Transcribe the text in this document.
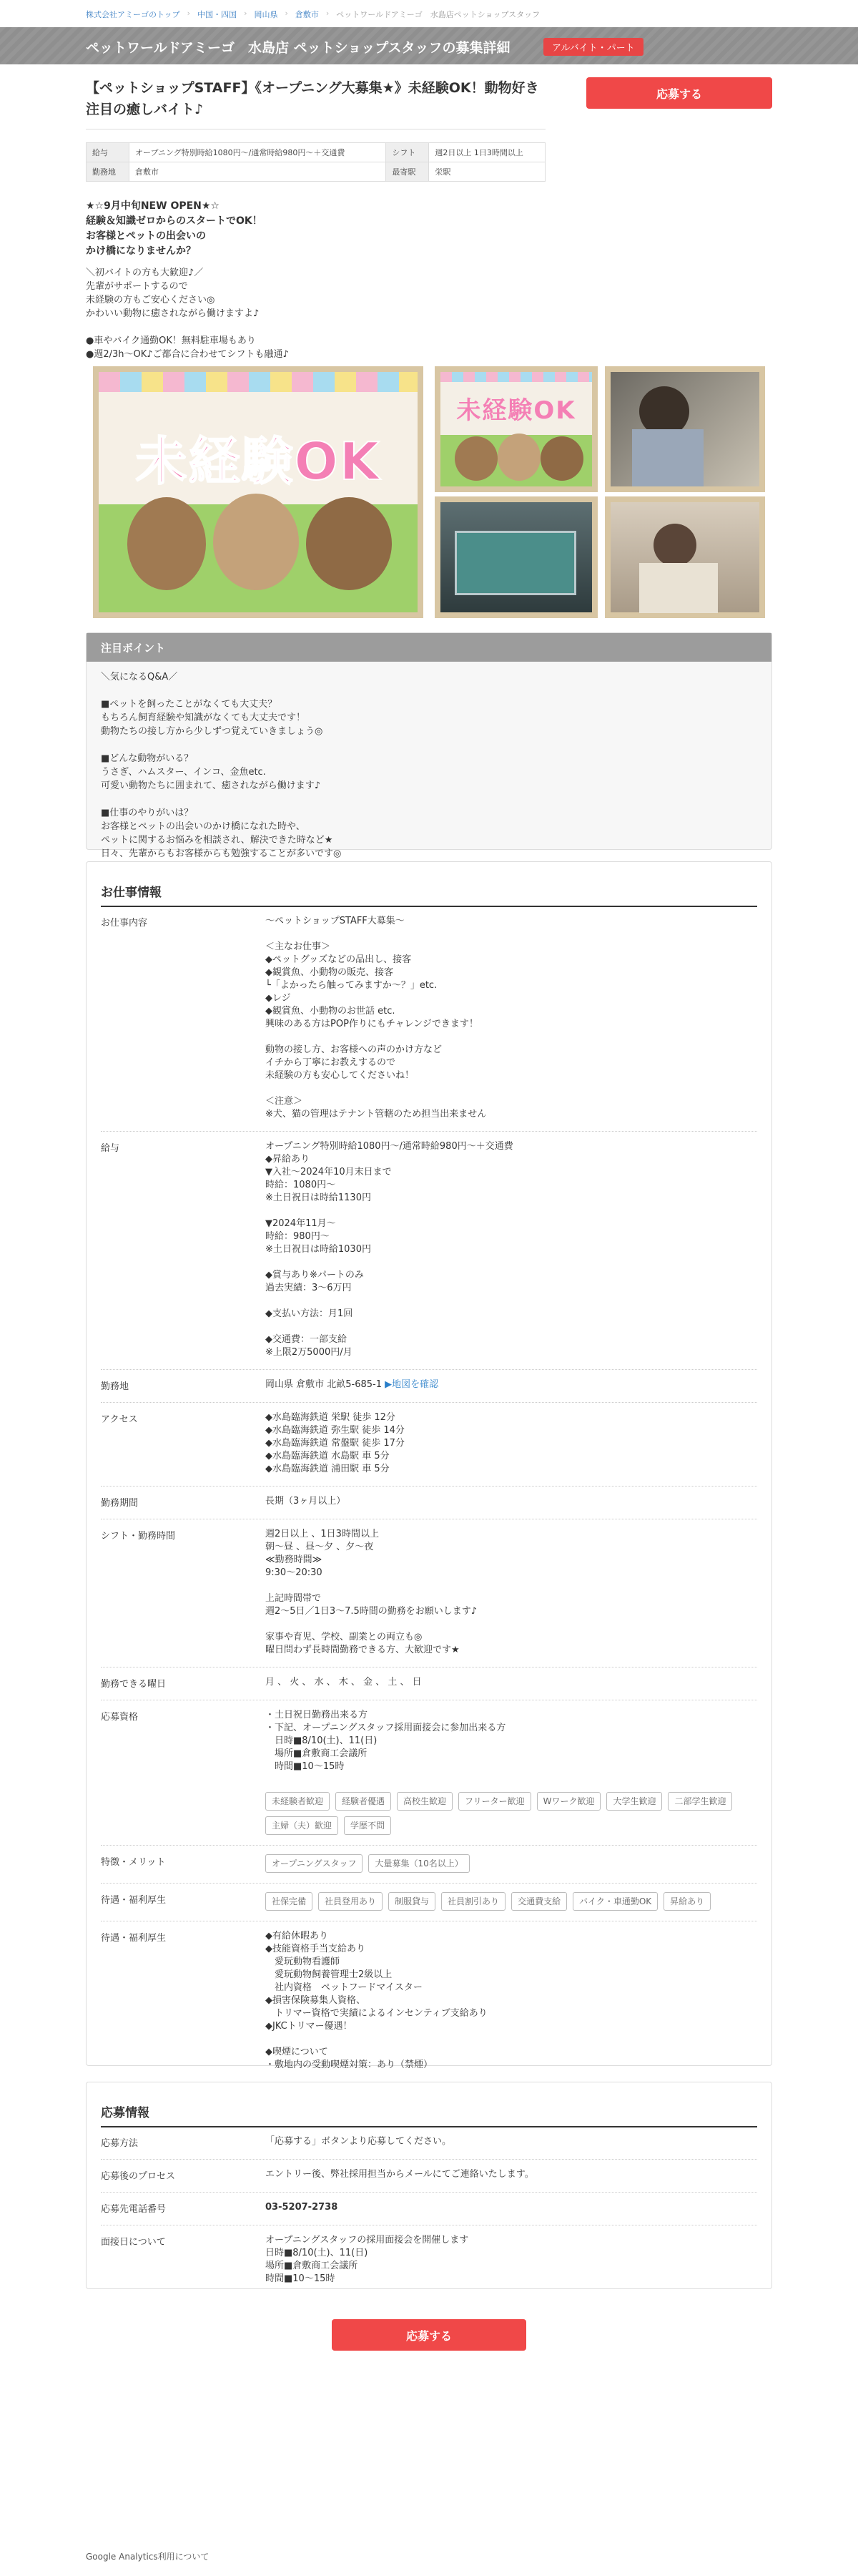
株式会社アミーゴのトップ › 中国・四国 › 岡山県 › 倉敷市 › ペットワールドアミーゴ　水島店ペットショップスタッフ
ペットワールドアミーゴ　水島店 ペットショップスタッフの募集詳細	アルバイト・パート
【ペットショップSTAFF】《オープニング大募集★》未経験OK！動物好き注目の癒しバイト♪
応募する
給与	オープニング特別時給1080円〜/通常時給980円〜＋交通費	シフト	週2日以上 1日3時間以上
勤務地	倉敷市	最寄駅	栄駅
★☆9月中旬NEW OPEN★☆
経験＆知識ゼロからのスタートでOK！
お客様とペットの出会いの
かけ橋になりませんか？
＼初バイトの方も大歓迎♪／
先輩がサポートするので
未経験の方もご安心ください◎
かわいい動物に癒されながら働けますよ♪

●車やバイク通勤OK！無料駐車場もあり
●週2/3h〜OK♪ご都合に合わせてシフトも融通♪
未経験OK
未経験OK
注目ポイント
＼気になるQ&A／

■ペットを飼ったことがなくても大丈夫？
もちろん飼育経験や知識がなくても大丈夫です！
動物たちの接し方から少しずつ覚えていきましょう◎

■どんな動物がいる？
うさぎ、ハムスター、インコ、金魚etc.
可愛い動物たちに囲まれて、癒されながら働けます♪

■仕事のやりがいは？
お客様とペットの出会いのかけ橋になれた時や、
ペットに関するお悩みを相談され、解決できた時など★
日々、先輩からもお客様からも勉強することが多いです◎
お仕事情報
お仕事内容	〜ペットショップSTAFF大募集〜

＜主なお仕事＞
◆ペットグッズなどの品出し、接客
◆観賞魚、小動物の販売、接客
└「よかったら触ってみますか〜？」etc.
◆レジ
◆観賞魚、小動物のお世話 etc.
興味のある方はPOP作りにもチャレンジできます！

動物の接し方、お客様への声のかけ方など
イチから丁寧にお教えするので
未経験の方も安心してくださいね！

＜注意＞
※犬、猫の管理はテナント管轄のため担当出来ません
給与	オープニング特別時給1080円〜/通常時給980円〜＋交通費
◆昇給あり
▼入社〜2024年10月末日まで
時給：1080円〜
※土日祝日は時給1130円

▼2024年11月〜
時給：980円〜
※土日祝日は時給1030円

◆賞与あり※パートのみ
過去実績：3〜6万円

◆支払い方法：月1回

◆交通費：一部支給
※上限2万5000円/月
勤務地	岡山県 倉敷市 北畝5-685-1 ▶地図を確認
アクセス	◆水島臨海鉄道 栄駅 徒歩 12分
◆水島臨海鉄道 弥生駅 徒歩 14分
◆水島臨海鉄道 常盤駅 徒歩 17分
◆水島臨海鉄道 水島駅 車 5分
◆水島臨海鉄道 浦田駅 車 5分
勤務期間	長期（3ヶ月以上）
シフト・勤務時間	週2日以上 、1日3時間以上
朝〜昼 、昼〜夕 、夕〜夜
≪勤務時間≫
9:30〜20:30

上記時間帯で
週2〜5日／1日3〜7.5時間の勤務をお願いします♪

家事や育児、学校、副業との両立も◎
曜日問わず長時間勤務できる方、大歓迎です★
勤務できる曜日	月 、 火 、 水 、 木 、 金 、 土 、 日
応募資格	・土日祝日勤務出来る方
・下記、オープニングスタッフ採用面接会に参加出来る方
　日時■8/10(土)、11(日)
　場所■倉敷商工会議所
　時間■10〜15時

未経験者歓迎	経験者優遇	高校生歓迎	フリーター歓迎	Wワーク歓迎	大学生歓迎	二部学生歓迎
主婦（夫）歓迎	学歴不問
特徴・メリット	オープニングスタッフ	大量募集（10名以上）
待遇・福利厚生	社保完備	社員登用あり	制服貸与	社員割引あり	交通費支給	バイク・車通勤OK	昇給あり
待遇・福利厚生	◆有給休暇あり
◆技能資格手当支給あり
　愛玩動物看護師
　愛玩動物飼養管理士2級以上
　社内資格　ペットフードマイスター
◆損害保険募集人資格、
　トリマー資格で実績によるインセンティブ支給あり
◆JKCトリマー優遇！

◆喫煙について
・敷地内の受動喫煙対策：あり（禁煙）
応募情報
応募方法	「応募する」ボタンより応募してください。
応募後のプロセス	エントリー後、弊社採用担当からメールにてご連絡いたします。
応募先電話番号	03-5207-2738
面接日について	オープニングスタッフの採用面接会を開催します
日時■8/10(土)、11(日)
場所■倉敷商工会議所
時間■10〜15時
応募する
Google Analytics利用について
